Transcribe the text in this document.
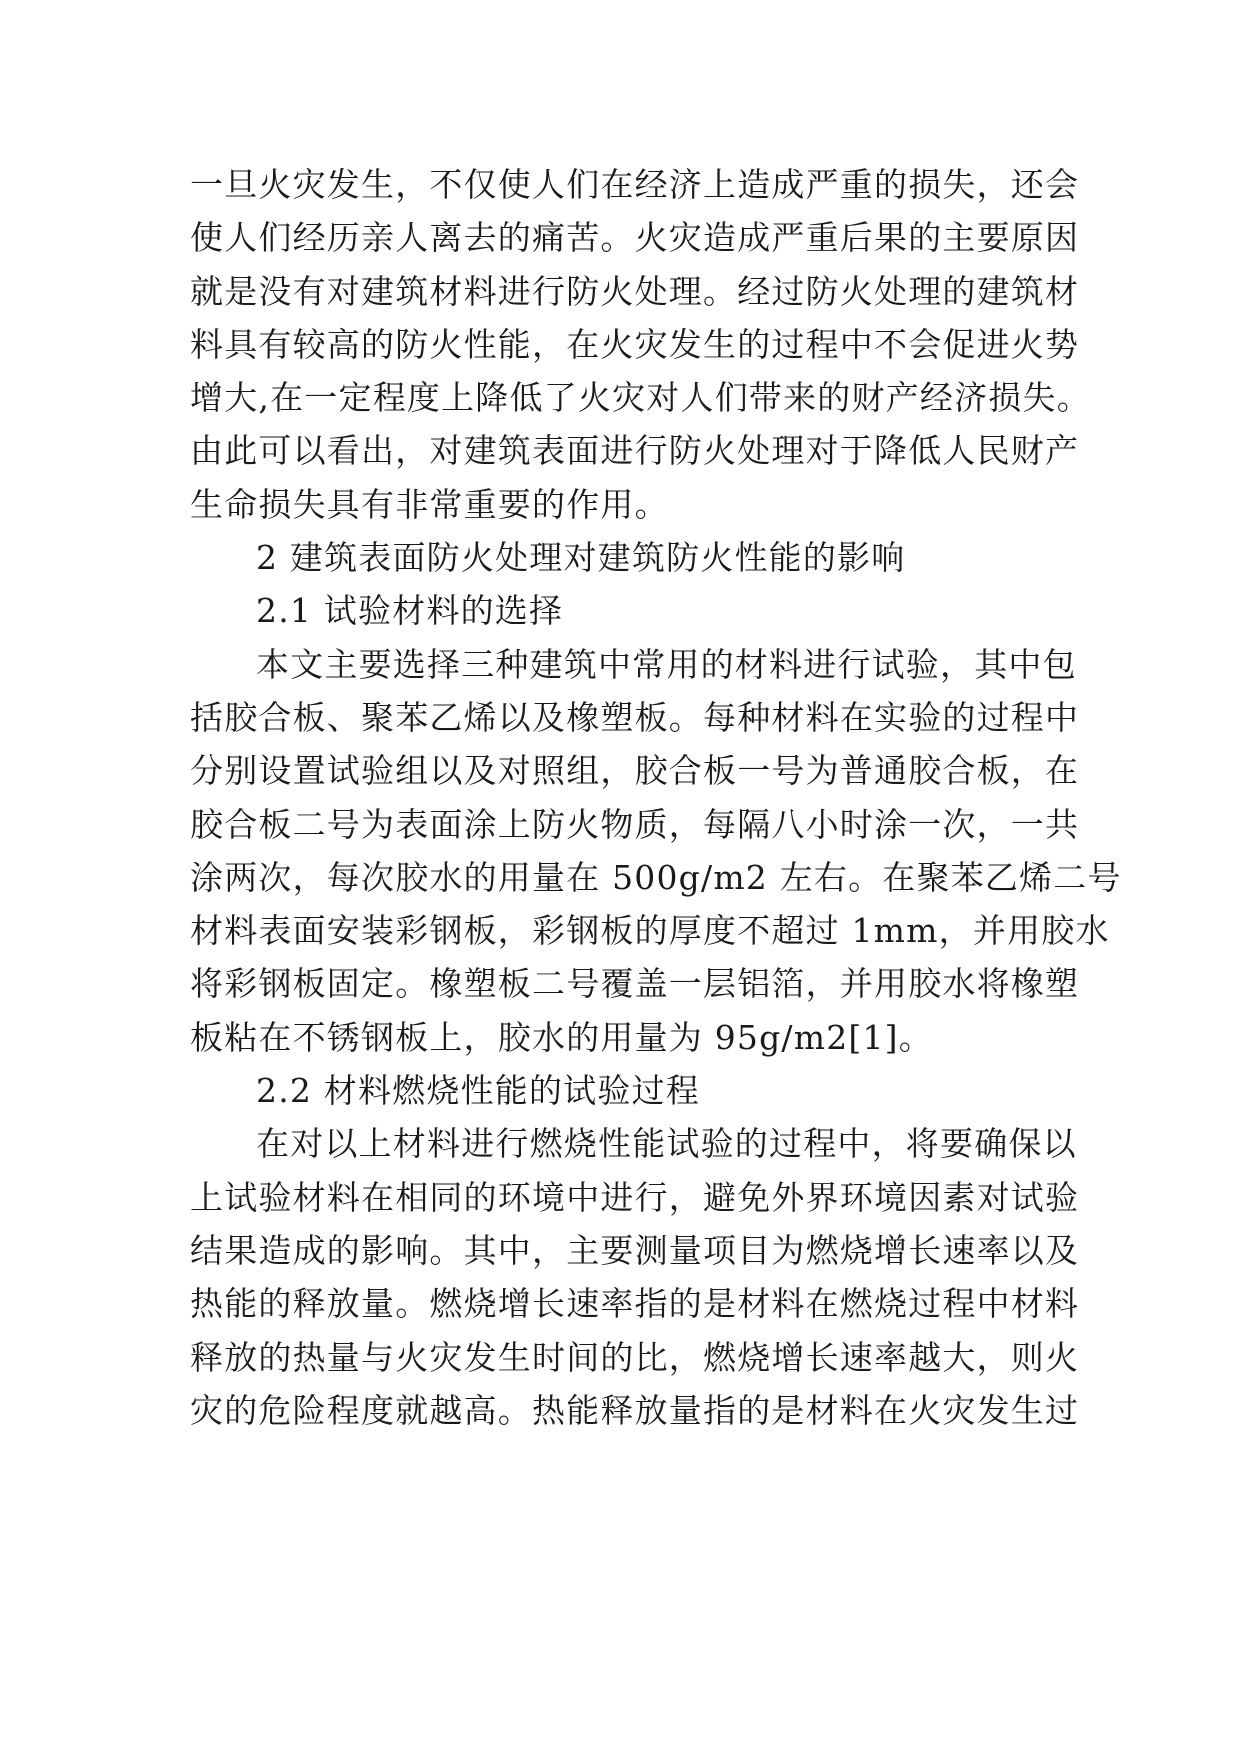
一旦火灾发生，不仅使人们在经济上造成严重的损失，还会
使人们经历亲人离去的痛苦。火灾造成严重后果的主要原因
就是没有对建筑材料进行防火处理。经过防火处理的建筑材
料具有较高的防火性能，在火灾发生的过程中不会促进火势
增大,在一定程度上降低了火灾对人们带来的财产经济损失。
由此可以看出，对建筑表面进行防火处理对于降低人民财产
生命损失具有非常重要的作用。
2 建筑表面防火处理对建筑防火性能的影响
2.1 试验材料的选择
本文主要选择三种建筑中常用的材料进行试验，其中包
括胶合板、聚苯乙烯以及橡塑板。每种材料在实验的过程中
分别设置试验组以及对照组，胶合板一号为普通胶合板，在
胶合板二号为表面涂上防火物质，每隔八小时涂一次，一共
涂两次，每次胶水的用量在 500g/m2 左右。在聚苯乙烯二号
材料表面安装彩钢板，彩钢板的厚度不超过 1mm，并用胶水
将彩钢板固定。橡塑板二号覆盖一层铝箔，并用胶水将橡塑
板粘在不锈钢板上，胶水的用量为 95g/m2[1]。
2.2 材料燃烧性能的试验过程
在对以上材料进行燃烧性能试验的过程中，将要确保以
上试验材料在相同的环境中进行，避免外界环境因素对试验
结果造成的影响。其中，主要测量项目为燃烧增长速率以及
热能的释放量。燃烧增长速率指的是材料在燃烧过程中材料
释放的热量与火灾发生时间的比，燃烧增长速率越大，则火
灾的危险程度就越高。热能释放量指的是材料在火灾发生过
